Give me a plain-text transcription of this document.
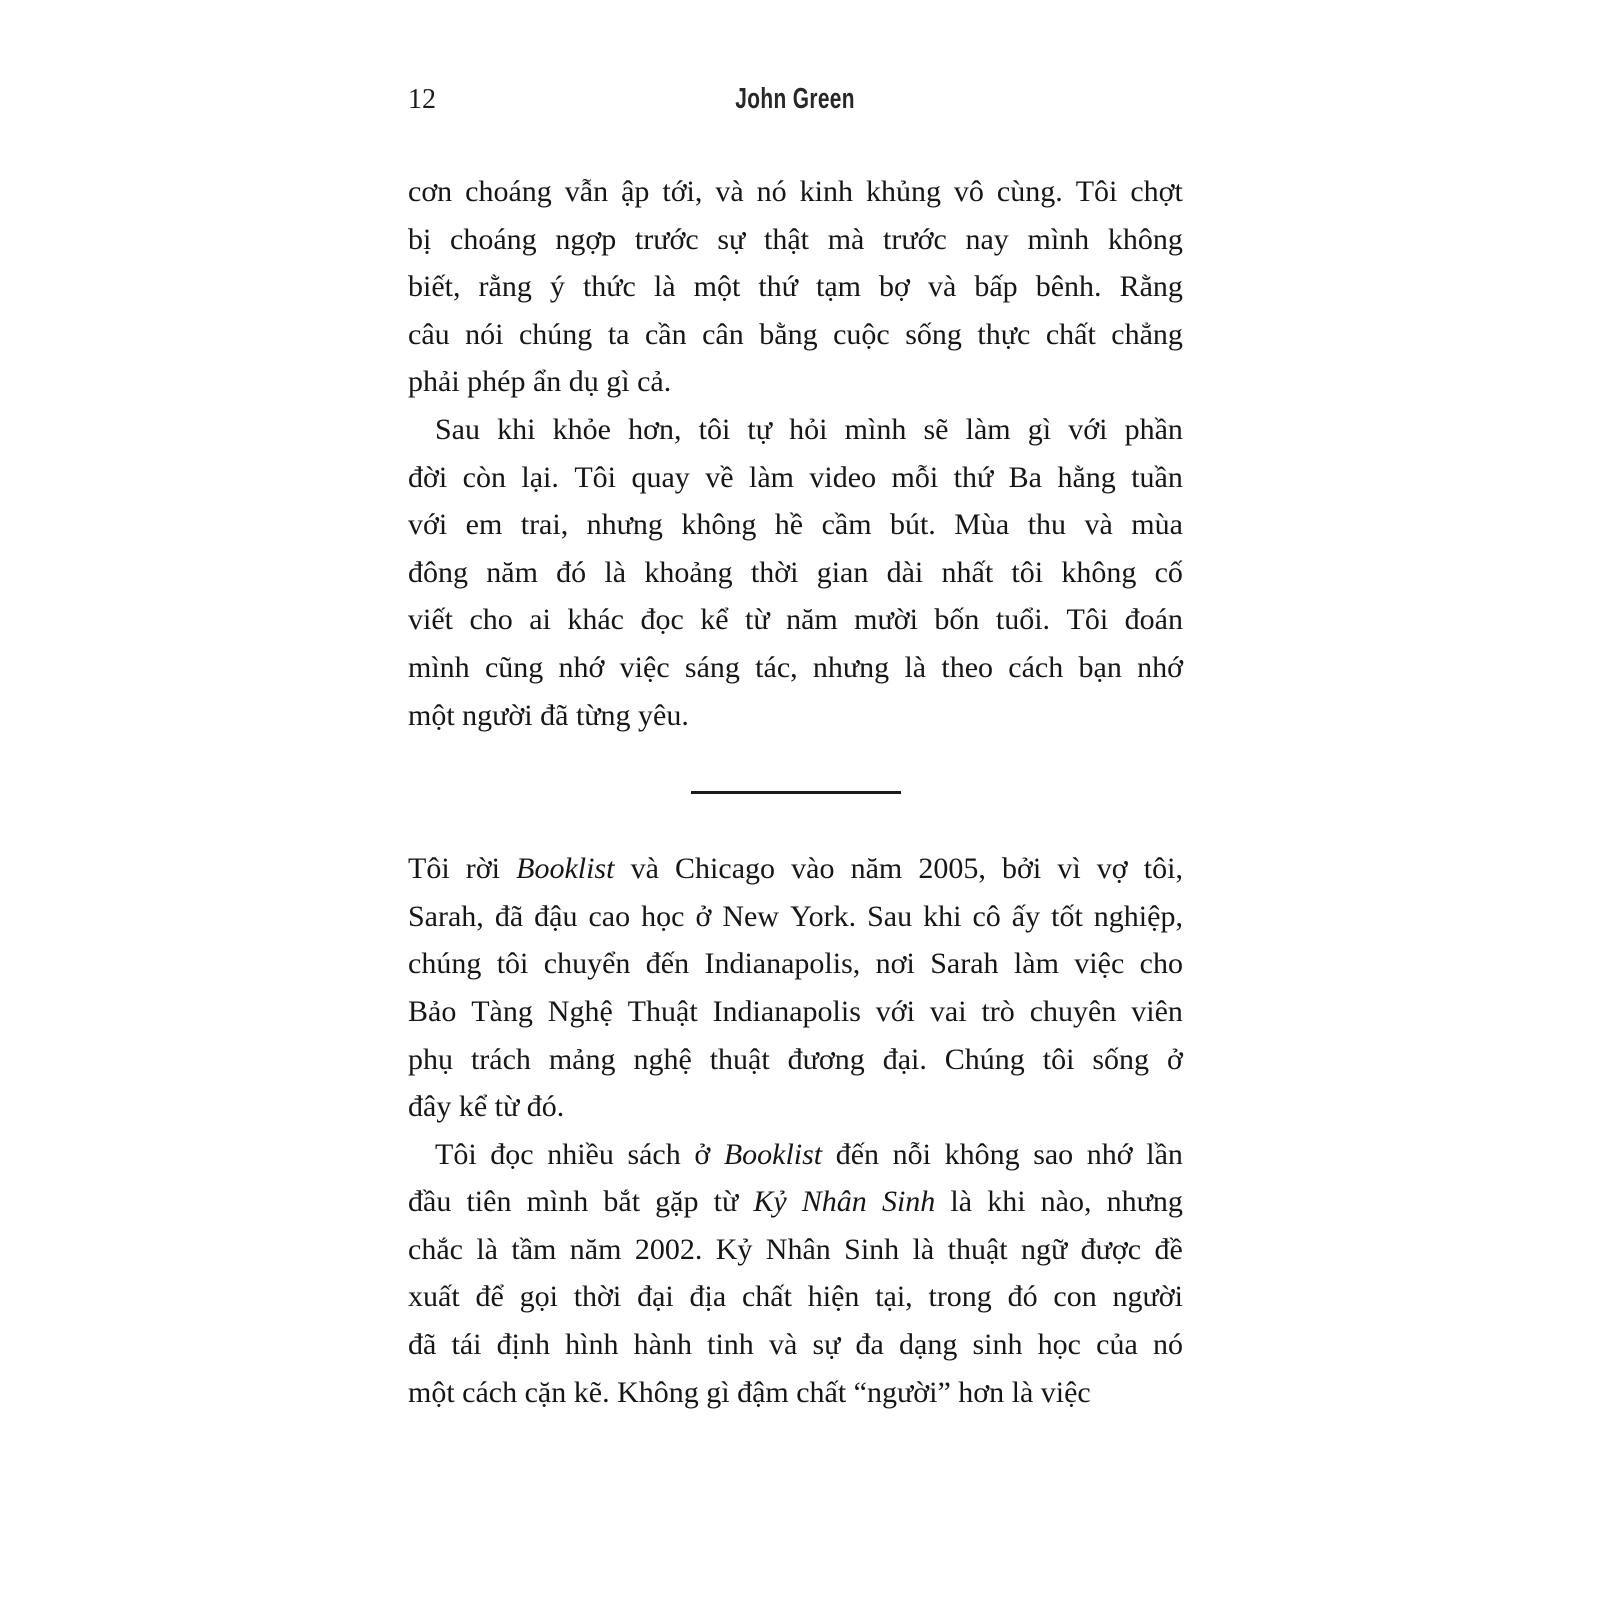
12	John Green
cơn choáng vẫn ập tới, và nó kinh khủng vô cùng. Tôi chợt
bị choáng ngợp trước sự thật mà trước nay mình không
biết, rằng ý thức là một thứ tạm bợ và bấp bênh. Rằng
câu nói chúng ta cần cân bằng cuộc sống thực chất chẳng
phải phép ẩn dụ gì cả.
Sau khi khỏe hơn, tôi tự hỏi mình sẽ làm gì với phần
đời còn lại. Tôi quay về làm video mỗi thứ Ba hằng tuần
với em trai, nhưng không hề cầm bút. Mùa thu và mùa
đông năm đó là khoảng thời gian dài nhất tôi không cố
viết cho ai khác đọc kể từ năm mười bốn tuổi. Tôi đoán
mình cũng nhớ việc sáng tác, nhưng là theo cách bạn nhớ
một người đã từng yêu.
Tôi rời Booklist và Chicago vào năm 2005, bởi vì vợ tôi,
Sarah, đã đậu cao học ở New York. Sau khi cô ấy tốt nghiệp,
chúng tôi chuyển đến Indianapolis, nơi Sarah làm việc cho
Bảo Tàng Nghệ Thuật Indianapolis với vai trò chuyên viên
phụ trách mảng nghệ thuật đương đại. Chúng tôi sống ở
đây kể từ đó.
Tôi đọc nhiều sách ở Booklist đến nỗi không sao nhớ lần
đầu tiên mình bắt gặp từ Kỷ Nhân Sinh là khi nào, nhưng
chắc là tầm năm 2002. Kỷ Nhân Sinh là thuật ngữ được đề
xuất để gọi thời đại địa chất hiện tại, trong đó con người
đã tái định hình hành tinh và sự đa dạng sinh học của nó
một cách cặn kẽ. Không gì đậm chất “người” hơn là việc
